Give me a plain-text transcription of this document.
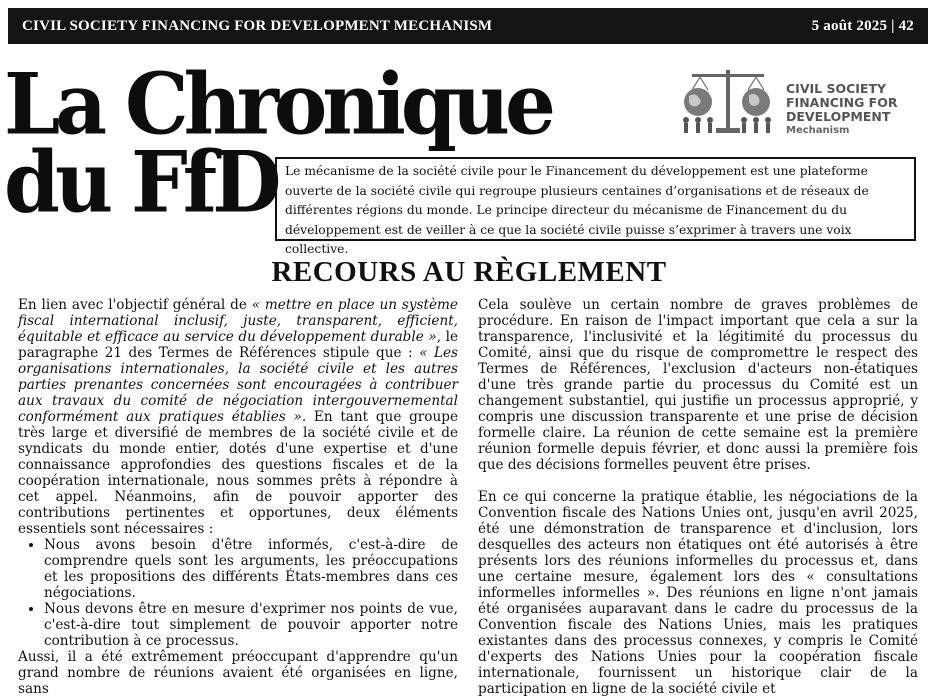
CIVIL SOCIETY FINANCING FOR DEVELOPMENT MECHANISM	5 août 2025 | 42
La Chronique
du FfD
CIVIL SOCIETY
FINANCING FOR
DEVELOPMENT
Mechanism

Le mécanisme de la société civile pour le Financement du développement est une plateforme ouverte de la société civile qui regroupe plusieurs centaines d’organisations et de réseaux de différentes régions du monde. Le principe directeur du mécanisme de Financement du du développement est de veiller à ce que la société civile puisse s’exprimer à travers une voix collective.

RECOURS AU RÈGLEMENT

En lien avec l'objectif général de « mettre en place un système fiscal international inclusif, juste, transparent, efficient, équitable et efficace au service du développement durable », le paragraphe 21 des Termes de Références stipule que : « Les organisations internationales, la société civile et les autres parties prenantes concernées sont encouragées à contribuer aux travaux du comité de négociation intergouvernemental conformément aux pratiques établies ». En tant que groupe très large et diversifié de membres de la société civile et de syndicats du monde entier, dotés d'une expertise et d'une connaissance approfondies des questions fiscales et de la coopération internationale, nous sommes prêts à répondre à cet appel. Néanmoins, afin de pouvoir apporter des contributions pertinentes et opportunes, deux éléments essentiels sont nécessaires :

• Nous avons besoin d'être informés, c'est-à-dire de comprendre quels sont les arguments, les préoccupations et les propositions des différents États-membres dans ces négociations.
• Nous devons être en mesure d'exprimer nos points de vue, c'est-à-dire tout simplement de pouvoir apporter notre contribution à ce processus.

Aussi, il a été extrêmement préoccupant d'apprendre qu'un grand nombre de réunions avaient été organisées en ligne, sans

Cela soulève un certain nombre de graves problèmes de procédure. En raison de l'impact important que cela a sur la transparence, l'inclusivité et la légitimité du processus du Comité, ainsi que du risque de compromettre le respect des Termes de Références, l'exclusion d'acteurs non-étatiques d'une très grande partie du processus du Comité est un changement substantiel, qui justifie un processus approprié, y compris une discussion transparente et une prise de décision formelle claire. La réunion de cette semaine est la première réunion formelle depuis février, et donc aussi la première fois que des décisions formelles peuvent être prises.

En ce qui concerne la pratique établie, les négociations de la Convention fiscale des Nations Unies ont, jusqu'en avril 2025, été une démonstration de transparence et d'inclusion, lors desquelles des acteurs non étatiques ont été autorisés à être présents lors des réunions informelles du processus et, dans une certaine mesure, également lors des « consultations informelles informelles ». Des réunions en ligne n'ont jamais été organisées auparavant dans le cadre du processus de la Convention fiscale des Nations Unies, mais les pratiques existantes dans des processus connexes, y compris le Comité d'experts des Nations Unies pour la coopération fiscale internationale, fournissent un historique clair de la participation en ligne de la société civile et
